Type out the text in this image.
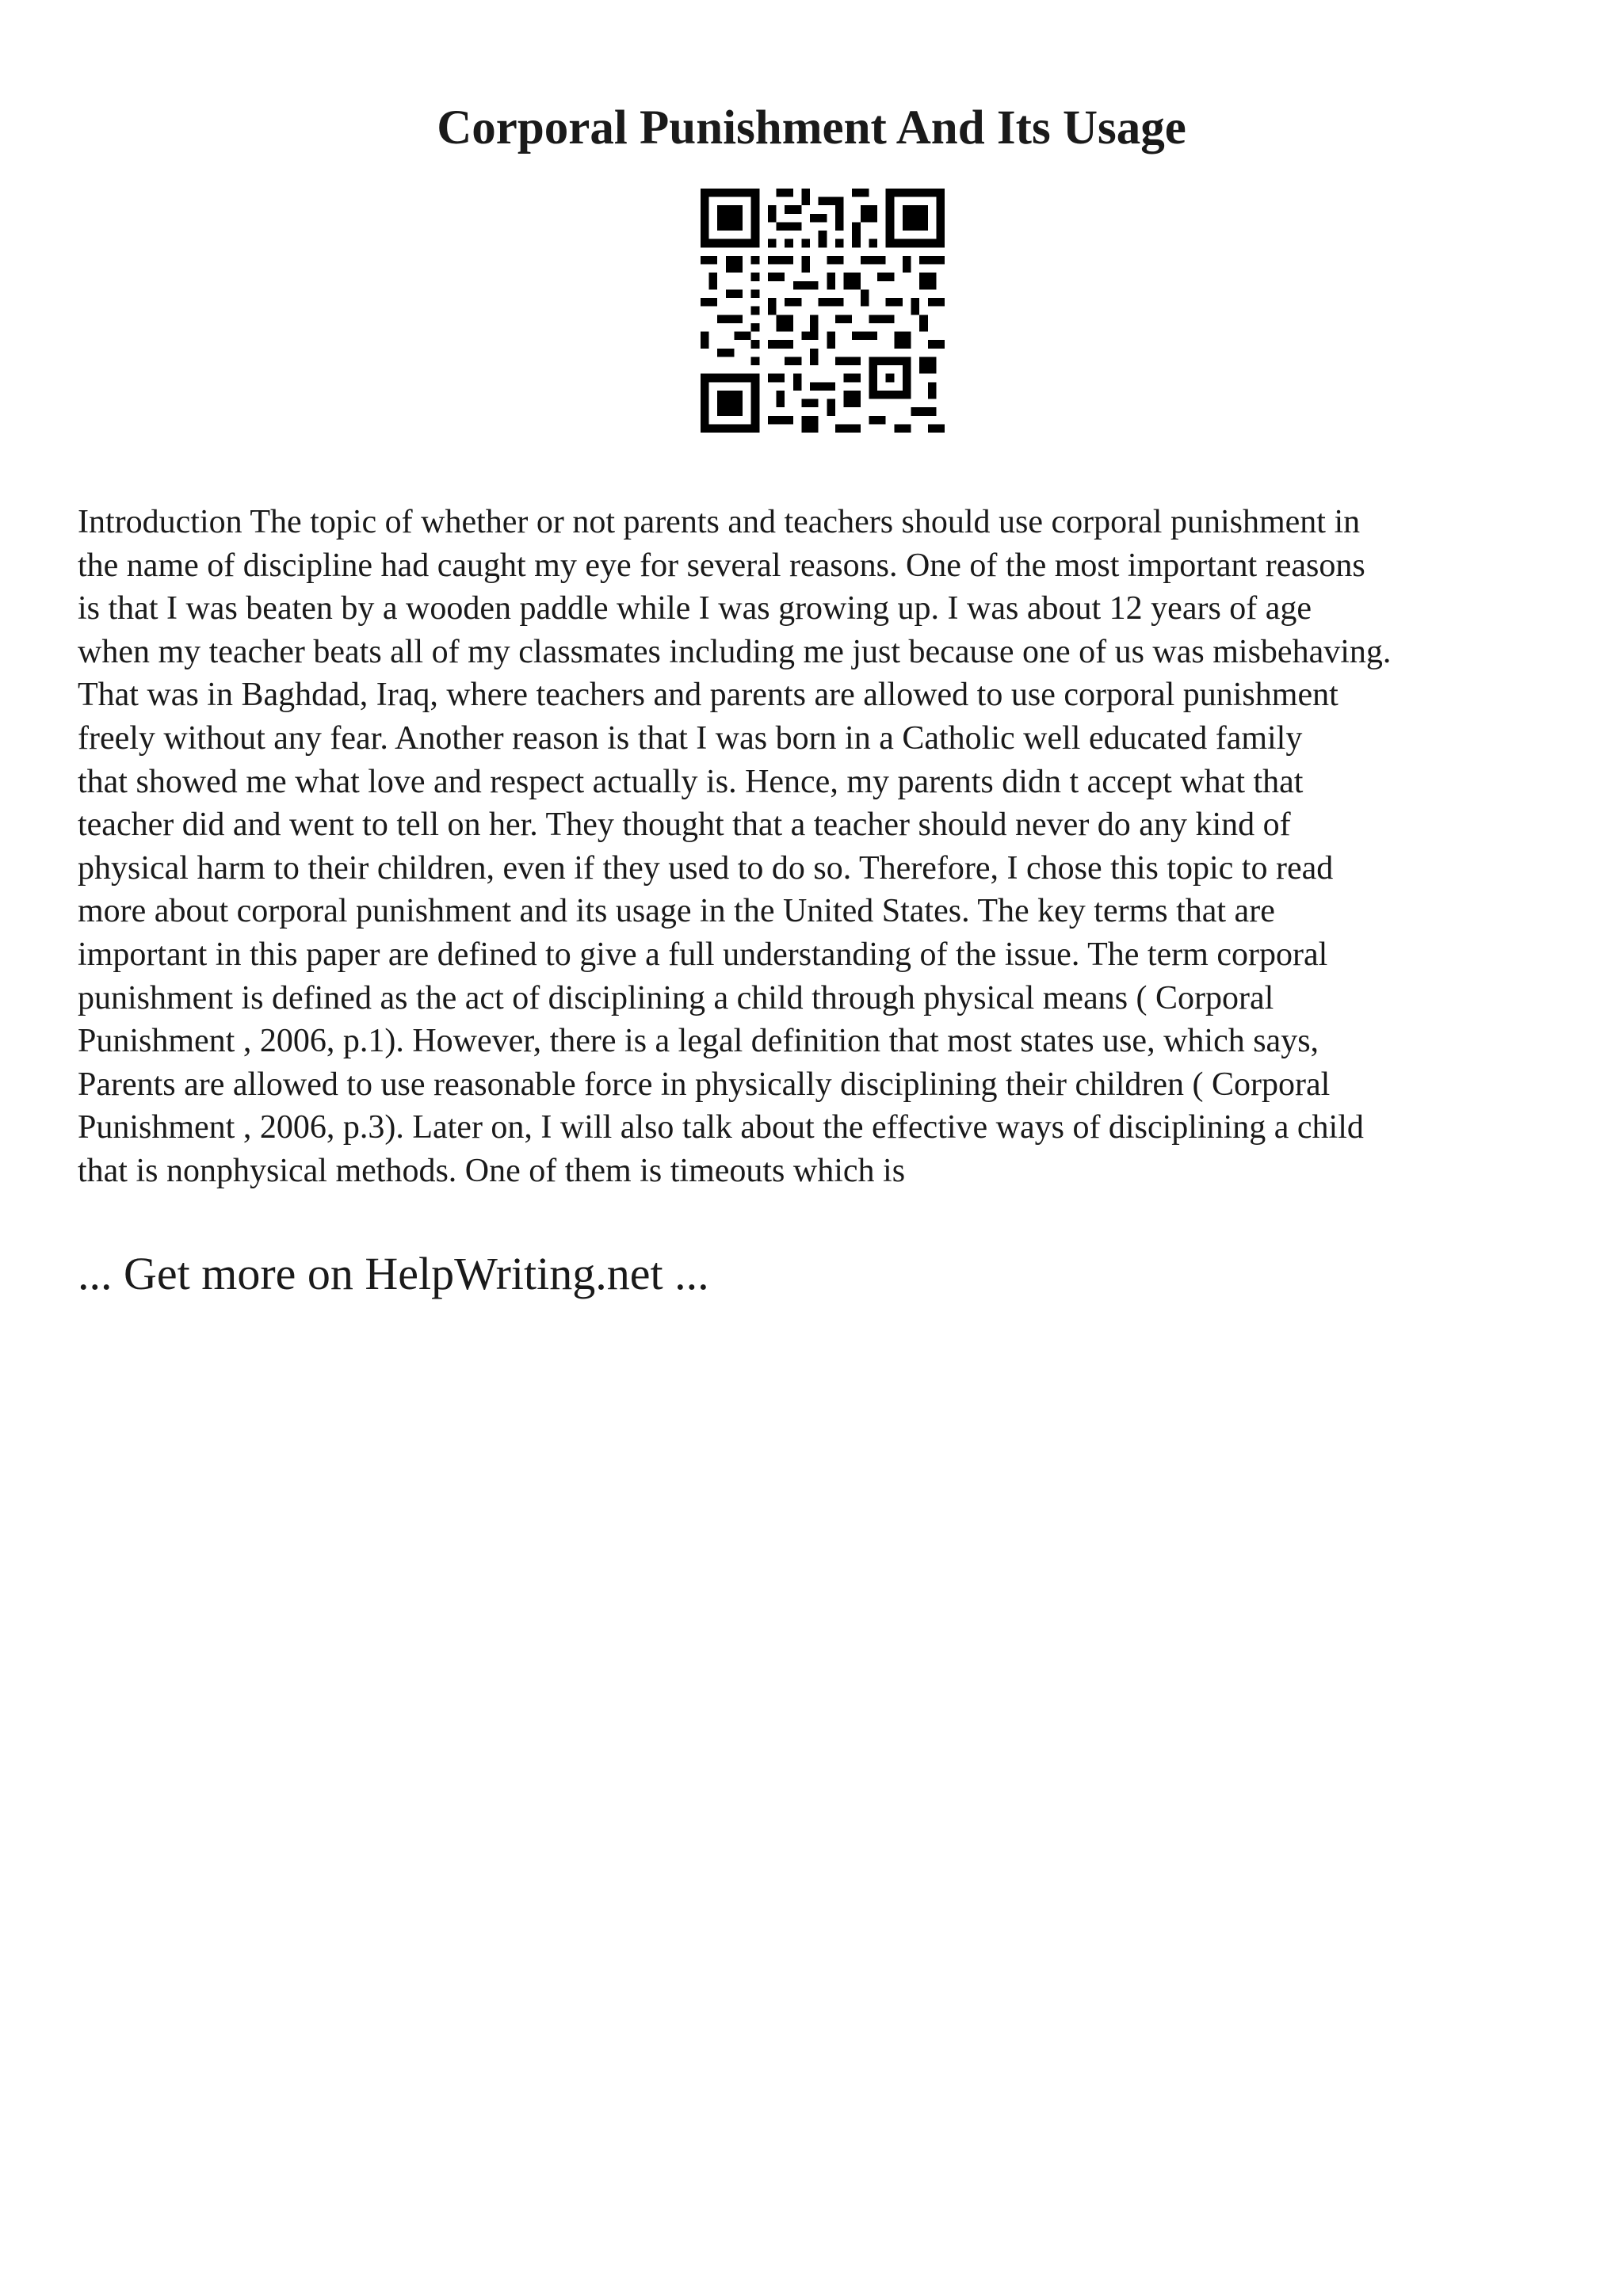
Corporal Punishment And Its Usage
Introduction The topic of whether or not parents and teachers should use corporal punishment in
the name of discipline had caught my eye for several reasons. One of the most important reasons
is that I was beaten by a wooden paddle while I was growing up. I was about 12 years of age
when my teacher beats all of my classmates including me just because one of us was misbehaving.
That was in Baghdad, Iraq, where teachers and parents are allowed to use corporal punishment
freely without any fear. Another reason is that I was born in a Catholic well educated family
that showed me what love and respect actually is. Hence, my parents didn t accept what that
teacher did and went to tell on her. They thought that a teacher should never do any kind of
physical harm to their children, even if they used to do so. Therefore, I chose this topic to read
more about corporal punishment and its usage in the United States. The key terms that are
important in this paper are defined to give a full understanding of the issue. The term corporal
punishment is defined as the act of disciplining a child through physical means ( Corporal
Punishment , 2006, p.1). However, there is a legal definition that most states use, which says,
Parents are allowed to use reasonable force in physically disciplining their children ( Corporal
Punishment , 2006, p.3). Later on, I will also talk about the effective ways of disciplining a child
that is nonphysical methods. One of them is timeouts which is
... Get more on HelpWriting.net ...
